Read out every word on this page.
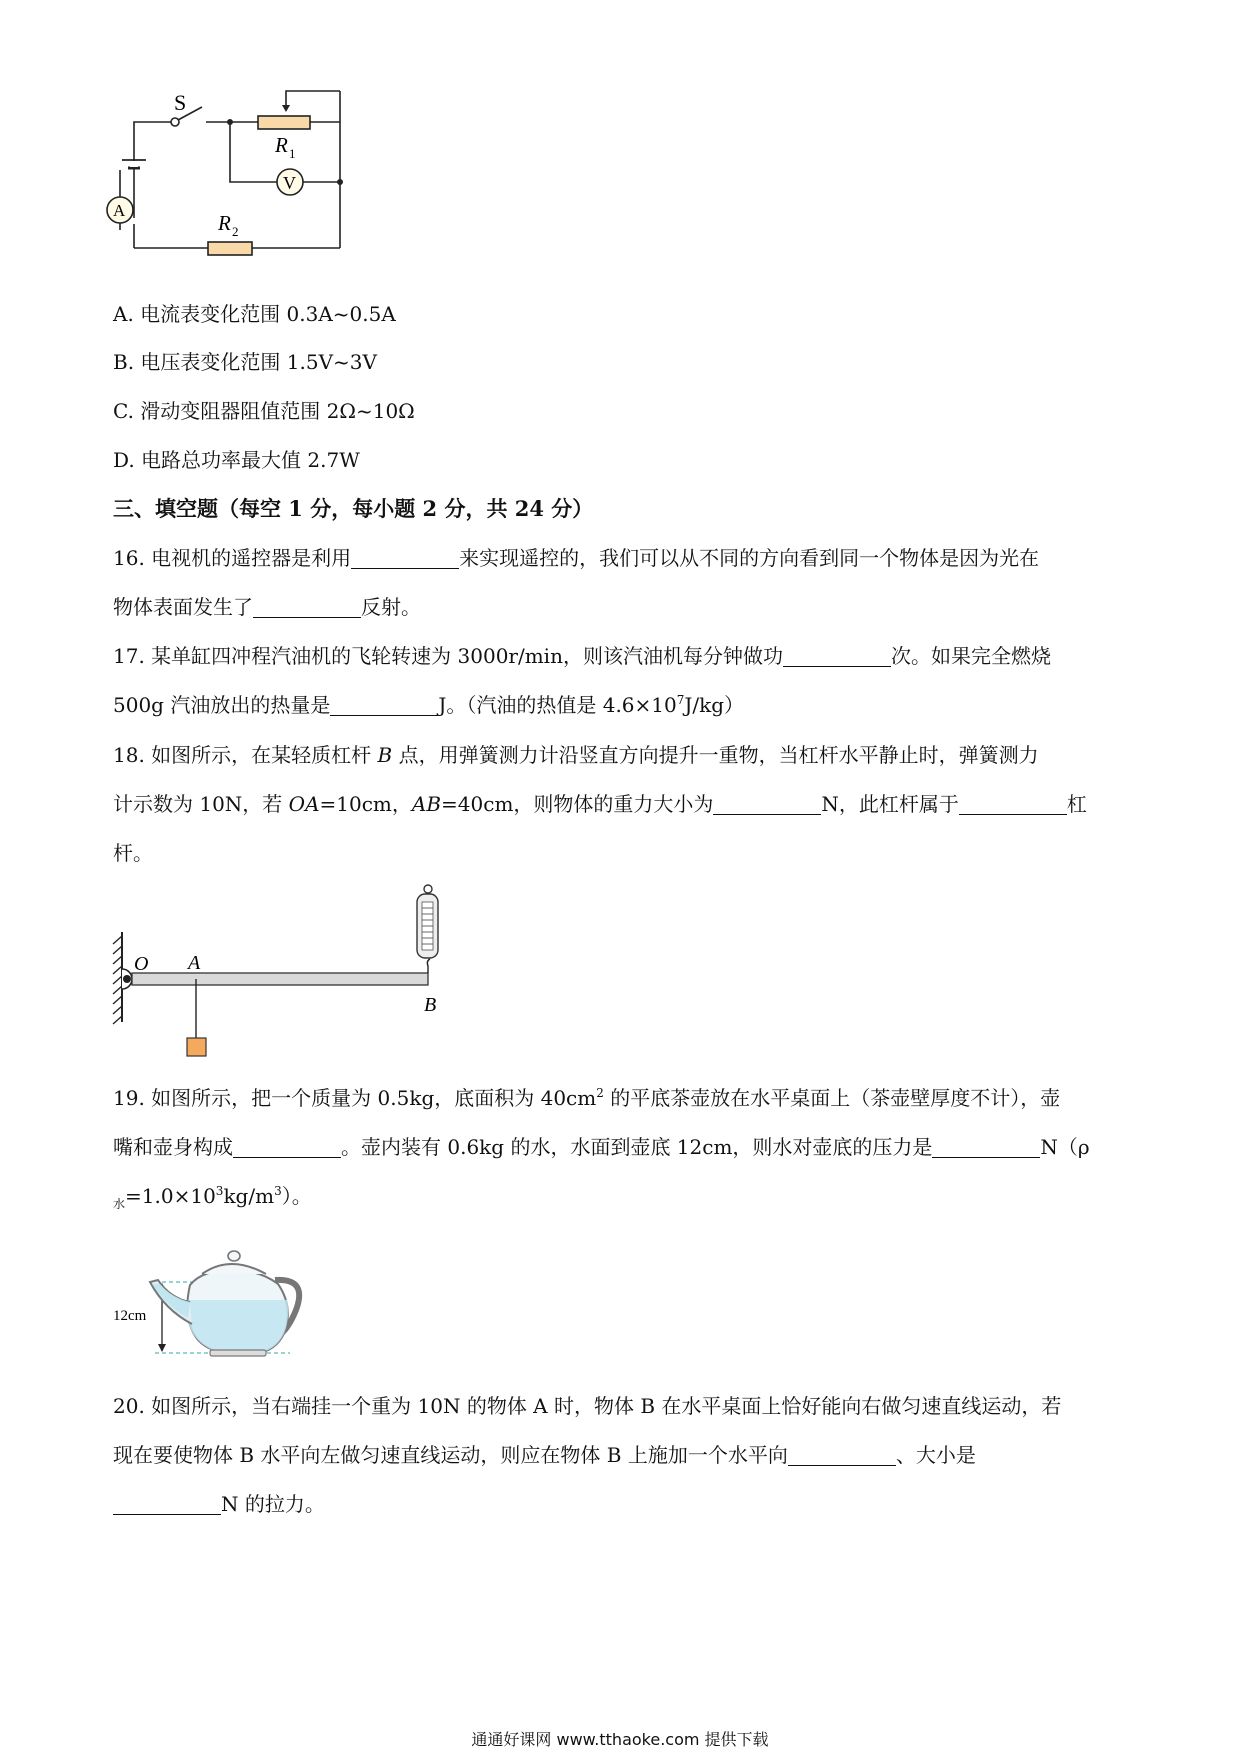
S
R 1
R 2
V
A
A. 电流表变化范围 0.3A~0.5A
B. 电压表变化范围 1.5V~3V
C. 滑动变阻器阻值范围 2Ω~10Ω
D. 电路总功率最大值 2.7W
三、填空题（每空 1 分，每小题 2 分，共 24 分）
16. 电视机的遥控器是利用	来实现遥控的，我们可以从不同的方向看到同一个物体是因为光在
物体表面发生了	反射。
17. 某单缸四冲程汽油机的飞轮转速为 3000r/min，则该汽油机每分钟做功	次。如果完全燃烧
500g 汽油放出的热量是	J。（汽油的热值是 $4.6\times 10^7J/kg$）
18. 如图所示，在某轻质杠杆 B 点，用弹簧测力计沿竖直方向提升一重物，当杠杆水平静止时，弹簧测力
计示数为 10N，若 OA=10cm，AB=40cm，则物体的重力大小为	N，此杠杆属于	杠
杆。
O A
B
19. 如图所示，把一个质量为 0.5kg，底面积为 $40cm^2$ 的平底茶壶放在水平桌面上（茶壶壁厚度不计），壶
嘴和壶身构成	。壶内装有 0.6kg 的水，水面到壶底 12cm，则水对壶底的压力是	N（ρ
$_水=1.0\times 10^3kg/m^3$）。
12cm
20. 如图所示，当右端挂一个重为 10N 的物体 A 时，物体 B 在水平桌面上恰好能向右做匀速直线运动，若
现在要使物体 B 水平向左做匀速直线运动，则应在物体 B 上施加一个水平向	、大小是
N 的拉力。
通通好课网 www.tthaoke.com 提供下载
